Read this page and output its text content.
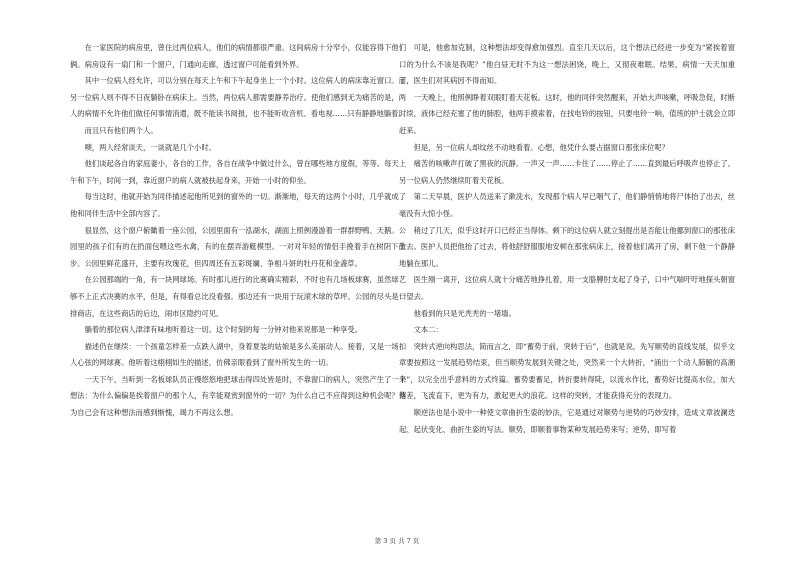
在一家医院的病房里，曾住过两位病人，他们的病情都很严重。这间病房十分窄小，仅能容得下他们俩。病房设有一扇门和一个窗户，门通向走廊，透过窗户可能看到外界。

其中一位病人经允许，可以分别在每天上午和下午起身坐上一个小时。这位病人的病床靠近窗口。而另一位病人则不得不日夜躺卧在病床上。当然，两位病人都需要静养治疗。使他们感到无为痛苦的是，两人的病情不允许他们做任何事情消遣，既不能读书阅报，也不能听收音机、看电视……只有静静地躺着。

而且只有他们两个人。

噢，两人经常谈天，一谈就是几个小时。

他们谈起各自的家庭妻小，各自的工作，各自在战争中做过什么，曾在哪些地方度假，等等。每天上午和下午，时间一到，靠近窗户的病人就被扶起身来，开始一小时的仰坐。

每当这时，他就开始为同伴描述起他所见到的窗外的一切。渐渐地，每天的这两个小时，几乎就成了他和同伴生活中全部内容了。

很显然，这个窗户俯瞰着一座公园，公园里面有一泓湖水，湖面上照例漫游着一群群野鸭、天鹅。公园里的孩子们有的在扔面包喂这些水禽，有的在摆弄游艇模型。一对对年轻的情侣手挽着手在树阴下散步。公园里鲜花盛开，主要有玫瑰花，但四周还有五彩斑斓、争相斗妍的牡丹花和金盏草。

在公园那端的一角，有一块网球场。有时那儿进行的比赛确实精彩，不时也有几场板球赛，虽然球艺够不上正式决赛的水平，但是，有得看总比没看强。那边还有一块用于玩滚木球的草坪。公园的尽头是一排商店，在这些商店的后边，闹市区隐约可见。

躺着的那位病人津津有味地听着这一切。这个时刻的每一分钟对他来说都是一种享受。

描述仍在继续：一个孩童怎样差一点跌入湖中，身着夏装的姑娘是多么美丽动人。接着，又是一场扣人心弦的网球赛。他听着这栩栩如生的描述，仿佛亲眼看到了窗外所发生的一切。

一天下午，当听到一名板球队员正慢悠悠地把球击得四处皆是时，不靠窗口的病人，突然产生了一个想法：为什么偏偏是挨着窗户的那个人，有幸能观赏到窗外的一切？为什么自己不应得到这种机会呢？他为自己会有这种想法而感到惭愧，竭力不再这么想。

可是，他愈加克制，这种想法却变得愈加强烈。直至几天以后，这个想法已经进一步变为“紧挨着窗口的为什么不该是我呢？”他白昼无时不为这一想法困饶，晚上，又彻夜难眠。结果，病情一天天加重了，医生们对其病因不得而知。

一天晚上，他照例睁着双眼盯着天花板。这时，他的同伴突然醒来，开始大声咳嗽，呼吸急促，时断时续，液体已经充塞了他的肺腔，他两手摸索着，在找电铃的按钮，只要电铃一响，值班的护士就会立即赶来。

但是，另一位病人却纹丝不动地看着。心想，他凭什么要占据窗口那张床位呢？

痛苦的咳嗽声打破了黑夜的沉静。一声又一声……卡住了……停止了……直到最后呼吸声也停止了。另一位病人仍然继续盯着天花板。

第二天早晨，医护人员送来了漱洗水，发现那个病人早已咽气了，他们静悄悄地将尸体抬了出去，丝毫没有大惊小怪。

稍过了几天，似乎这时开口已经正当得体。剩下的这位病人就立刻提出是否能让他挪到窗口的那张床上去。医护人员把他抬了过去，将他舒舒服服地安顿在那张病床上，接着他们离开了房，剩下他一个静静地躺在那儿。

医生刚一离开，这位病人就十分痛苦地挣扎着，用一支胳膊肘支起了身子，口中气喘吁吁地探头朝窗口望去。

他看到的只是光秃秃的一堵墙。

文本二：

突转式逆向构思法，简而言之，即“蓄势于前，突转于后”，也就是说，先写顺势的直线发展，似乎文章要按照这一发展趋势结束，但当顺势发展到关键之处，突然来一个大转折，“涌出一个动人肺腑的高潮来”，以完全出乎意料的方式终篇。蓄势要蓄足，转折要转得陡，以流水作比，蓄势好比提高水位，加大落差，飞流直下，更为有力，激起更大的浪花。这样的突转，才能获得充分的表现力。

顺逆法也是小说中一种使文章曲折生姿的妙法，它是通过对顺势与逆势的巧妙安排，造成文章波澜迭起、起伏变化、曲折生姿的写法。顺势，即顺着事物某种发展趋势来写；逆势，即写着

第 3 页 共 7 页
